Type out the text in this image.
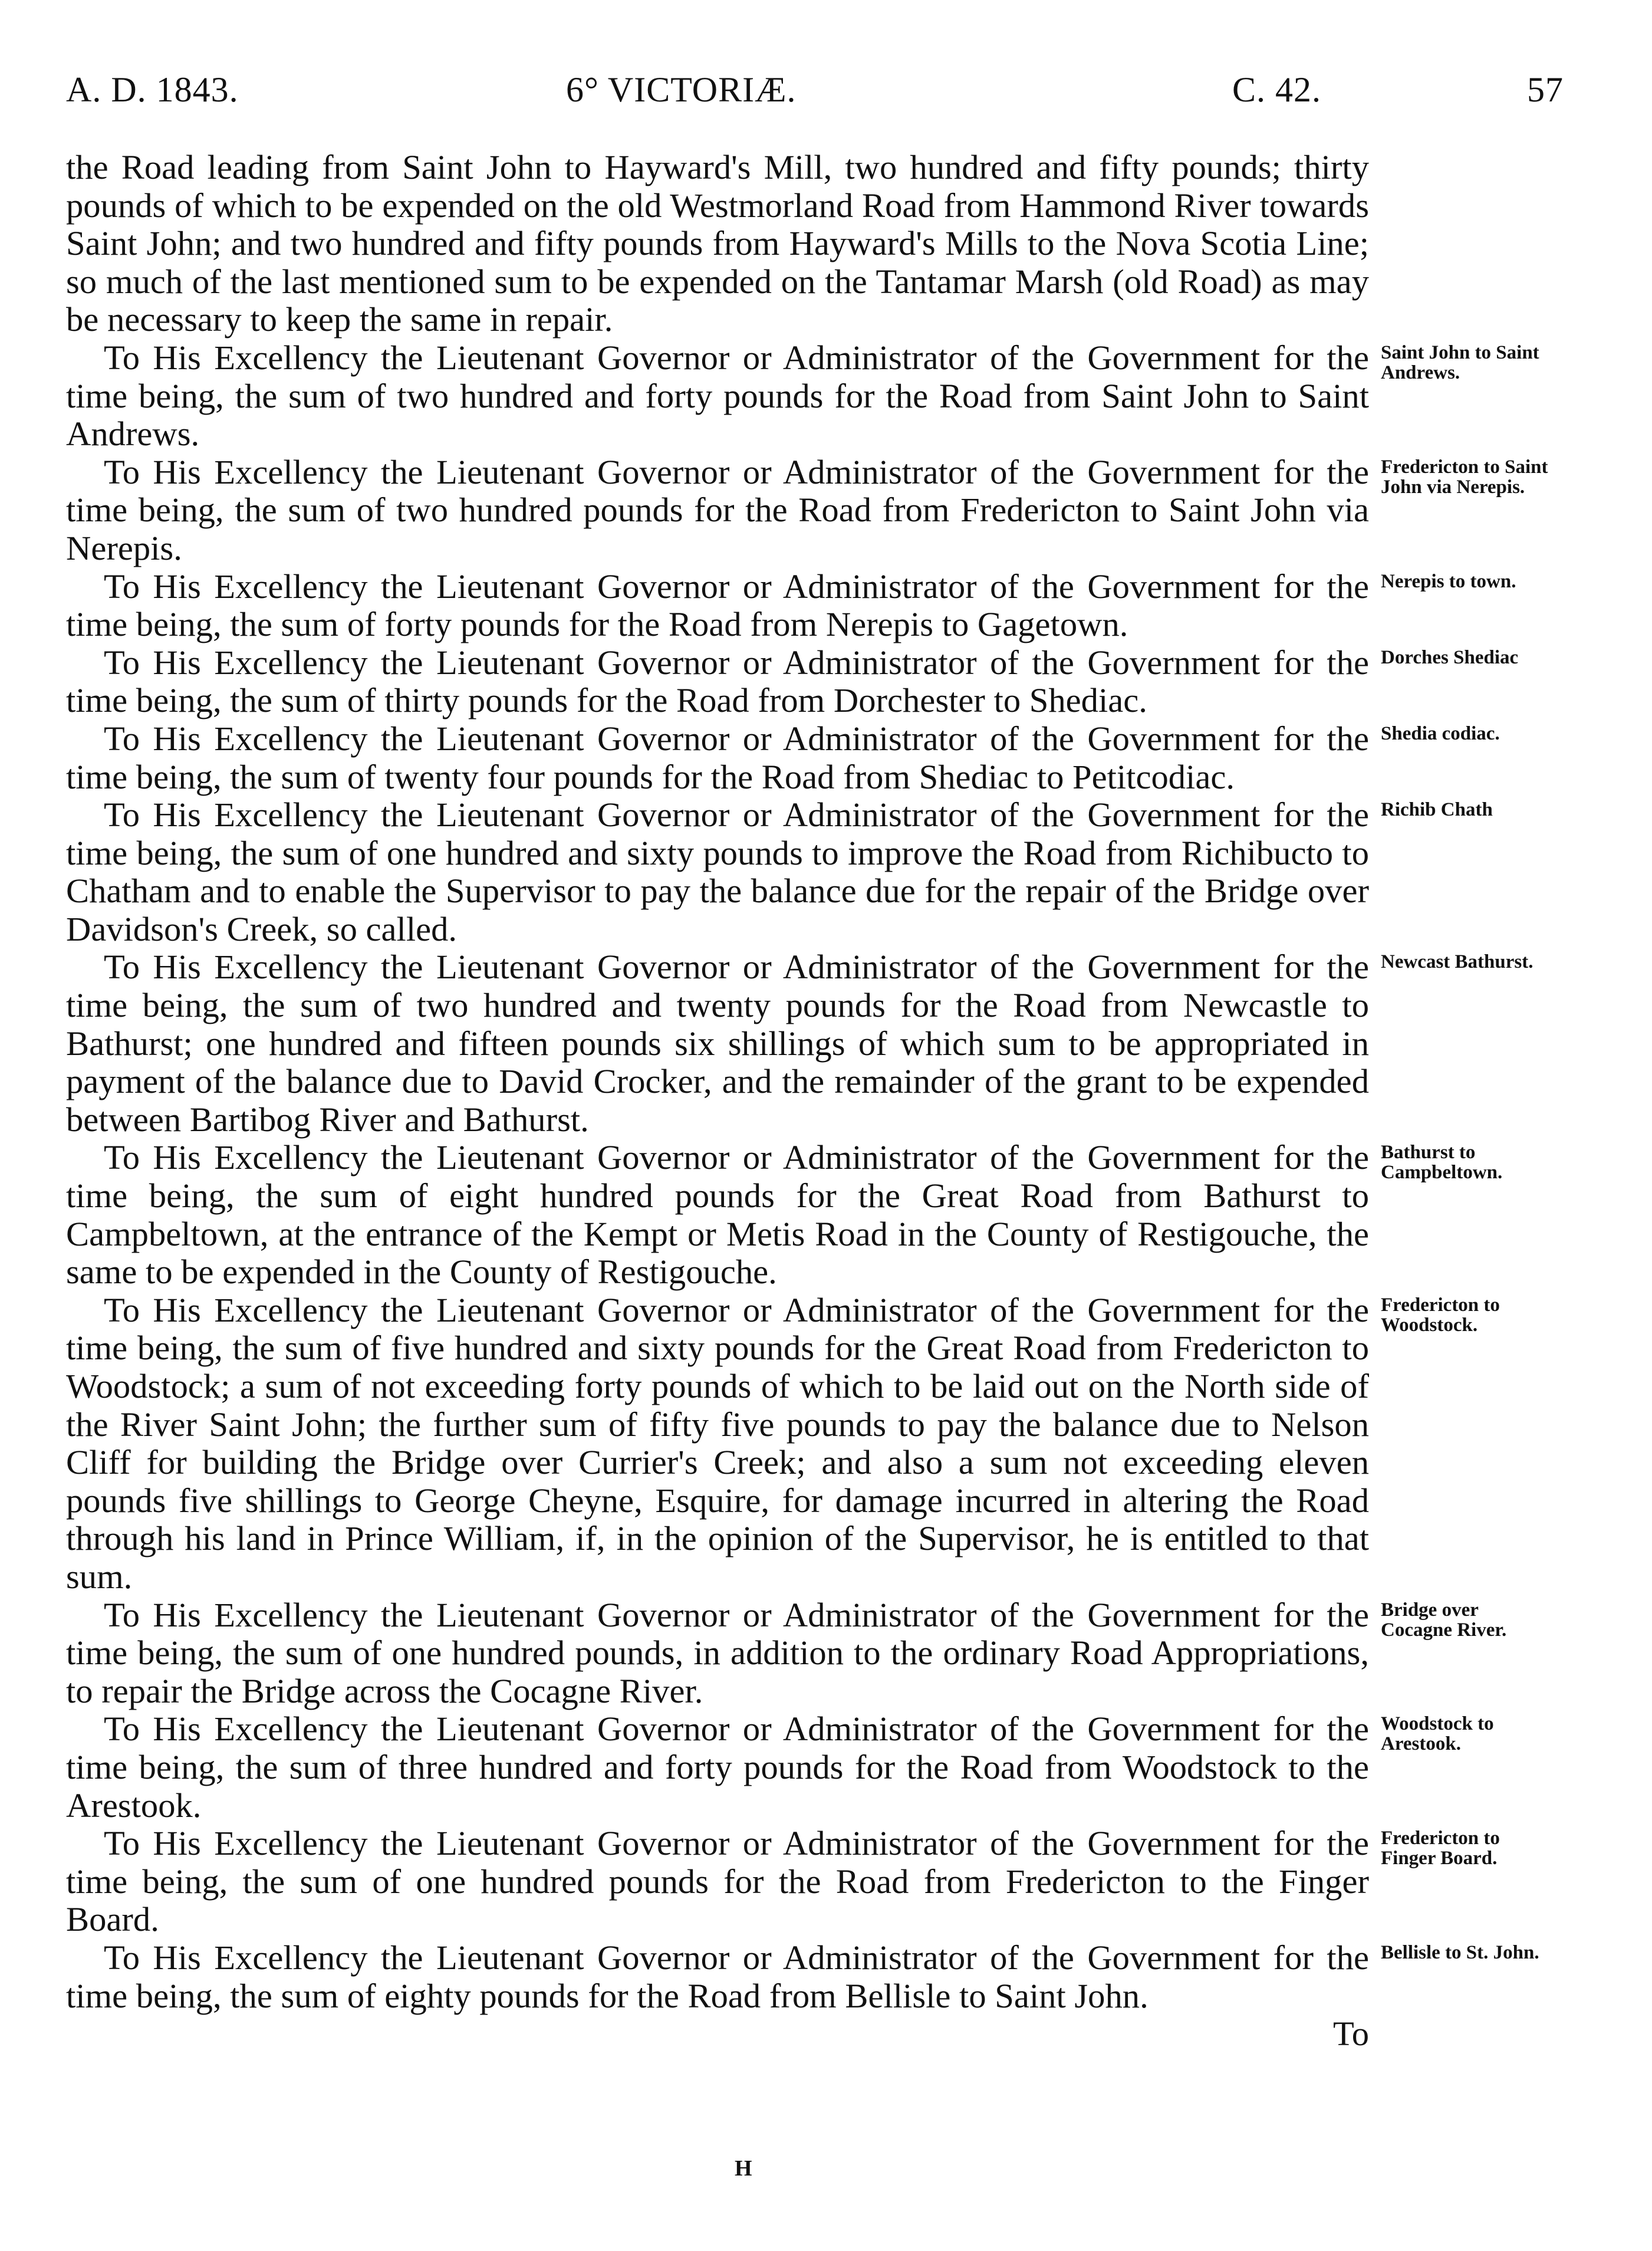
A. D. 1843.	6° VICTORIÆ.	C. 42.	57

the Road leading from Saint John to Hayward's Mill, two hundred and fifty pounds; thirty pounds of which to be expended on the old Westmorland Road from Hammond River towards Saint John; and two hundred and fifty pounds from Hayward's Mills to the Nova Scotia Line; so much of the last mentioned sum to be expended on the Tantamar Marsh (old Road) as may be necessary to keep the same in repair.

To His Excellency the Lieutenant Governor or Administrator of the Government for the time being, the sum of two hundred and forty pounds for the Road from Saint John to Saint Andrews.
Saint John to Saint Andrews.

To His Excellency the Lieutenant Governor or Administrator of the Government for the time being, the sum of two hundred pounds for the Road from Fredericton to Saint John via Nerepis.
Fredericton to Saint John via Nerepis.

To His Excellency the Lieutenant Governor or Administrator of the Government for the time being, the sum of forty pounds for the Road from Nerepis to Gagetown.
Nerepis to town.

To His Excellency the Lieutenant Governor or Administrator of the Government for the time being, the sum of thirty pounds for the Road from Dorchester to Shediac.
Dorches Shediac

To His Excellency the Lieutenant Governor or Administrator of the Government for the time being, the sum of twenty four pounds for the Road from Shediac to Petitcodiac.
Shedia codiac.

To His Excellency the Lieutenant Governor or Administrator of the Government for the time being, the sum of one hundred and sixty pounds to improve the Road from Richibucto to Chatham and to enable the Supervisor to pay the balance due for the repair of the Bridge over Davidson's Creek, so called.
Richib Chath

To His Excellency the Lieutenant Governor or Administrator of the Government for the time being, the sum of two hundred and twenty pounds for the Road from Newcastle to Bathurst; one hundred and fifteen pounds six shillings of which sum to be appropriated in payment of the balance due to David Crocker, and the remainder of the grant to be expended between Bartibog River and Bathurst.
Newcast Bathurst.

To His Excellency the Lieutenant Governor or Administrator of the Government for the time being, the sum of eight hundred pounds for the Great Road from Bathurst to Campbeltown, at the entrance of the Kempt or Metis Road in the County of Restigouche, the same to be expended in the County of Restigouche.
Bathurst to Campbeltown.

To His Excellency the Lieutenant Governor or Administrator of the Government for the time being, the sum of five hundred and sixty pounds for the Great Road from Fredericton to Woodstock; a sum of not exceeding forty pounds of which to be laid out on the North side of the River Saint John; the further sum of fifty five pounds to pay the balance due to Nelson Cliff for building the Bridge over Currier's Creek; and also a sum not exceeding eleven pounds five shillings to George Cheyne, Esquire, for damage incurred in altering the Road through his land in Prince William, if, in the opinion of the Supervisor, he is entitled to that sum.
Fredericton to Woodstock.

To His Excellency the Lieutenant Governor or Administrator of the Government for the time being, the sum of one hundred pounds, in addition to the ordinary Road Appropriations, to repair the Bridge across the Cocagne River.
Bridge over Cocagne River.

To His Excellency the Lieutenant Governor or Administrator of the Government for the time being, the sum of three hundred and forty pounds for the Road from Woodstock to the Arestook.
Woodstock to Arestook.

To His Excellency the Lieutenant Governor or Administrator of the Government for the time being, the sum of one hundred pounds for the Road from Fredericton to the Finger Board.
Fredericton to Finger Board.

To His Excellency the Lieutenant Governor or Administrator of the Government for the time being, the sum of eighty pounds for the Road from Bellisle to Saint John.
Bellisle to St. John.

To

H
